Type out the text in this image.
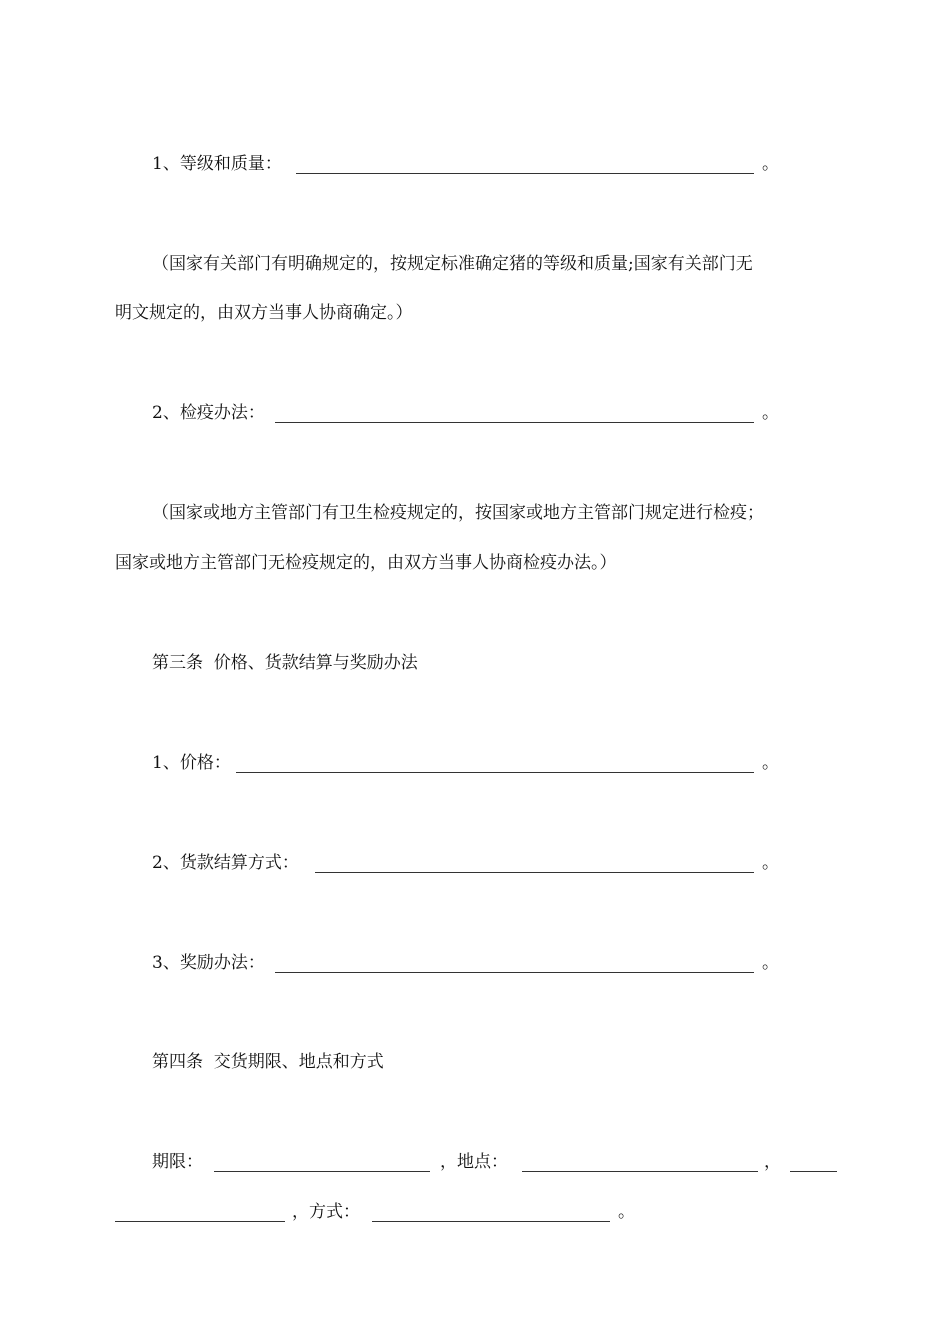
1、等级和质量：	。
（国家有关部门有明确规定的，按规定标准确定猪的等级和质量;国家有关部门无
明文规定的，由双方当事人协商确定。）
2、检疫办法：	。
（国家或地方主管部门有卫生检疫规定的，按国家或地方主管部门规定进行检疫；
国家或地方主管部门无检疫规定的，由双方当事人协商检疫办法。）
第三条  价格、货款结算与奖励办法
1、价格：	。
2、货款结算方式：	。
3、奖励办法：	。
第四条  交货期限、地点和方式
期限：	，地点：	，
，方式：	。
